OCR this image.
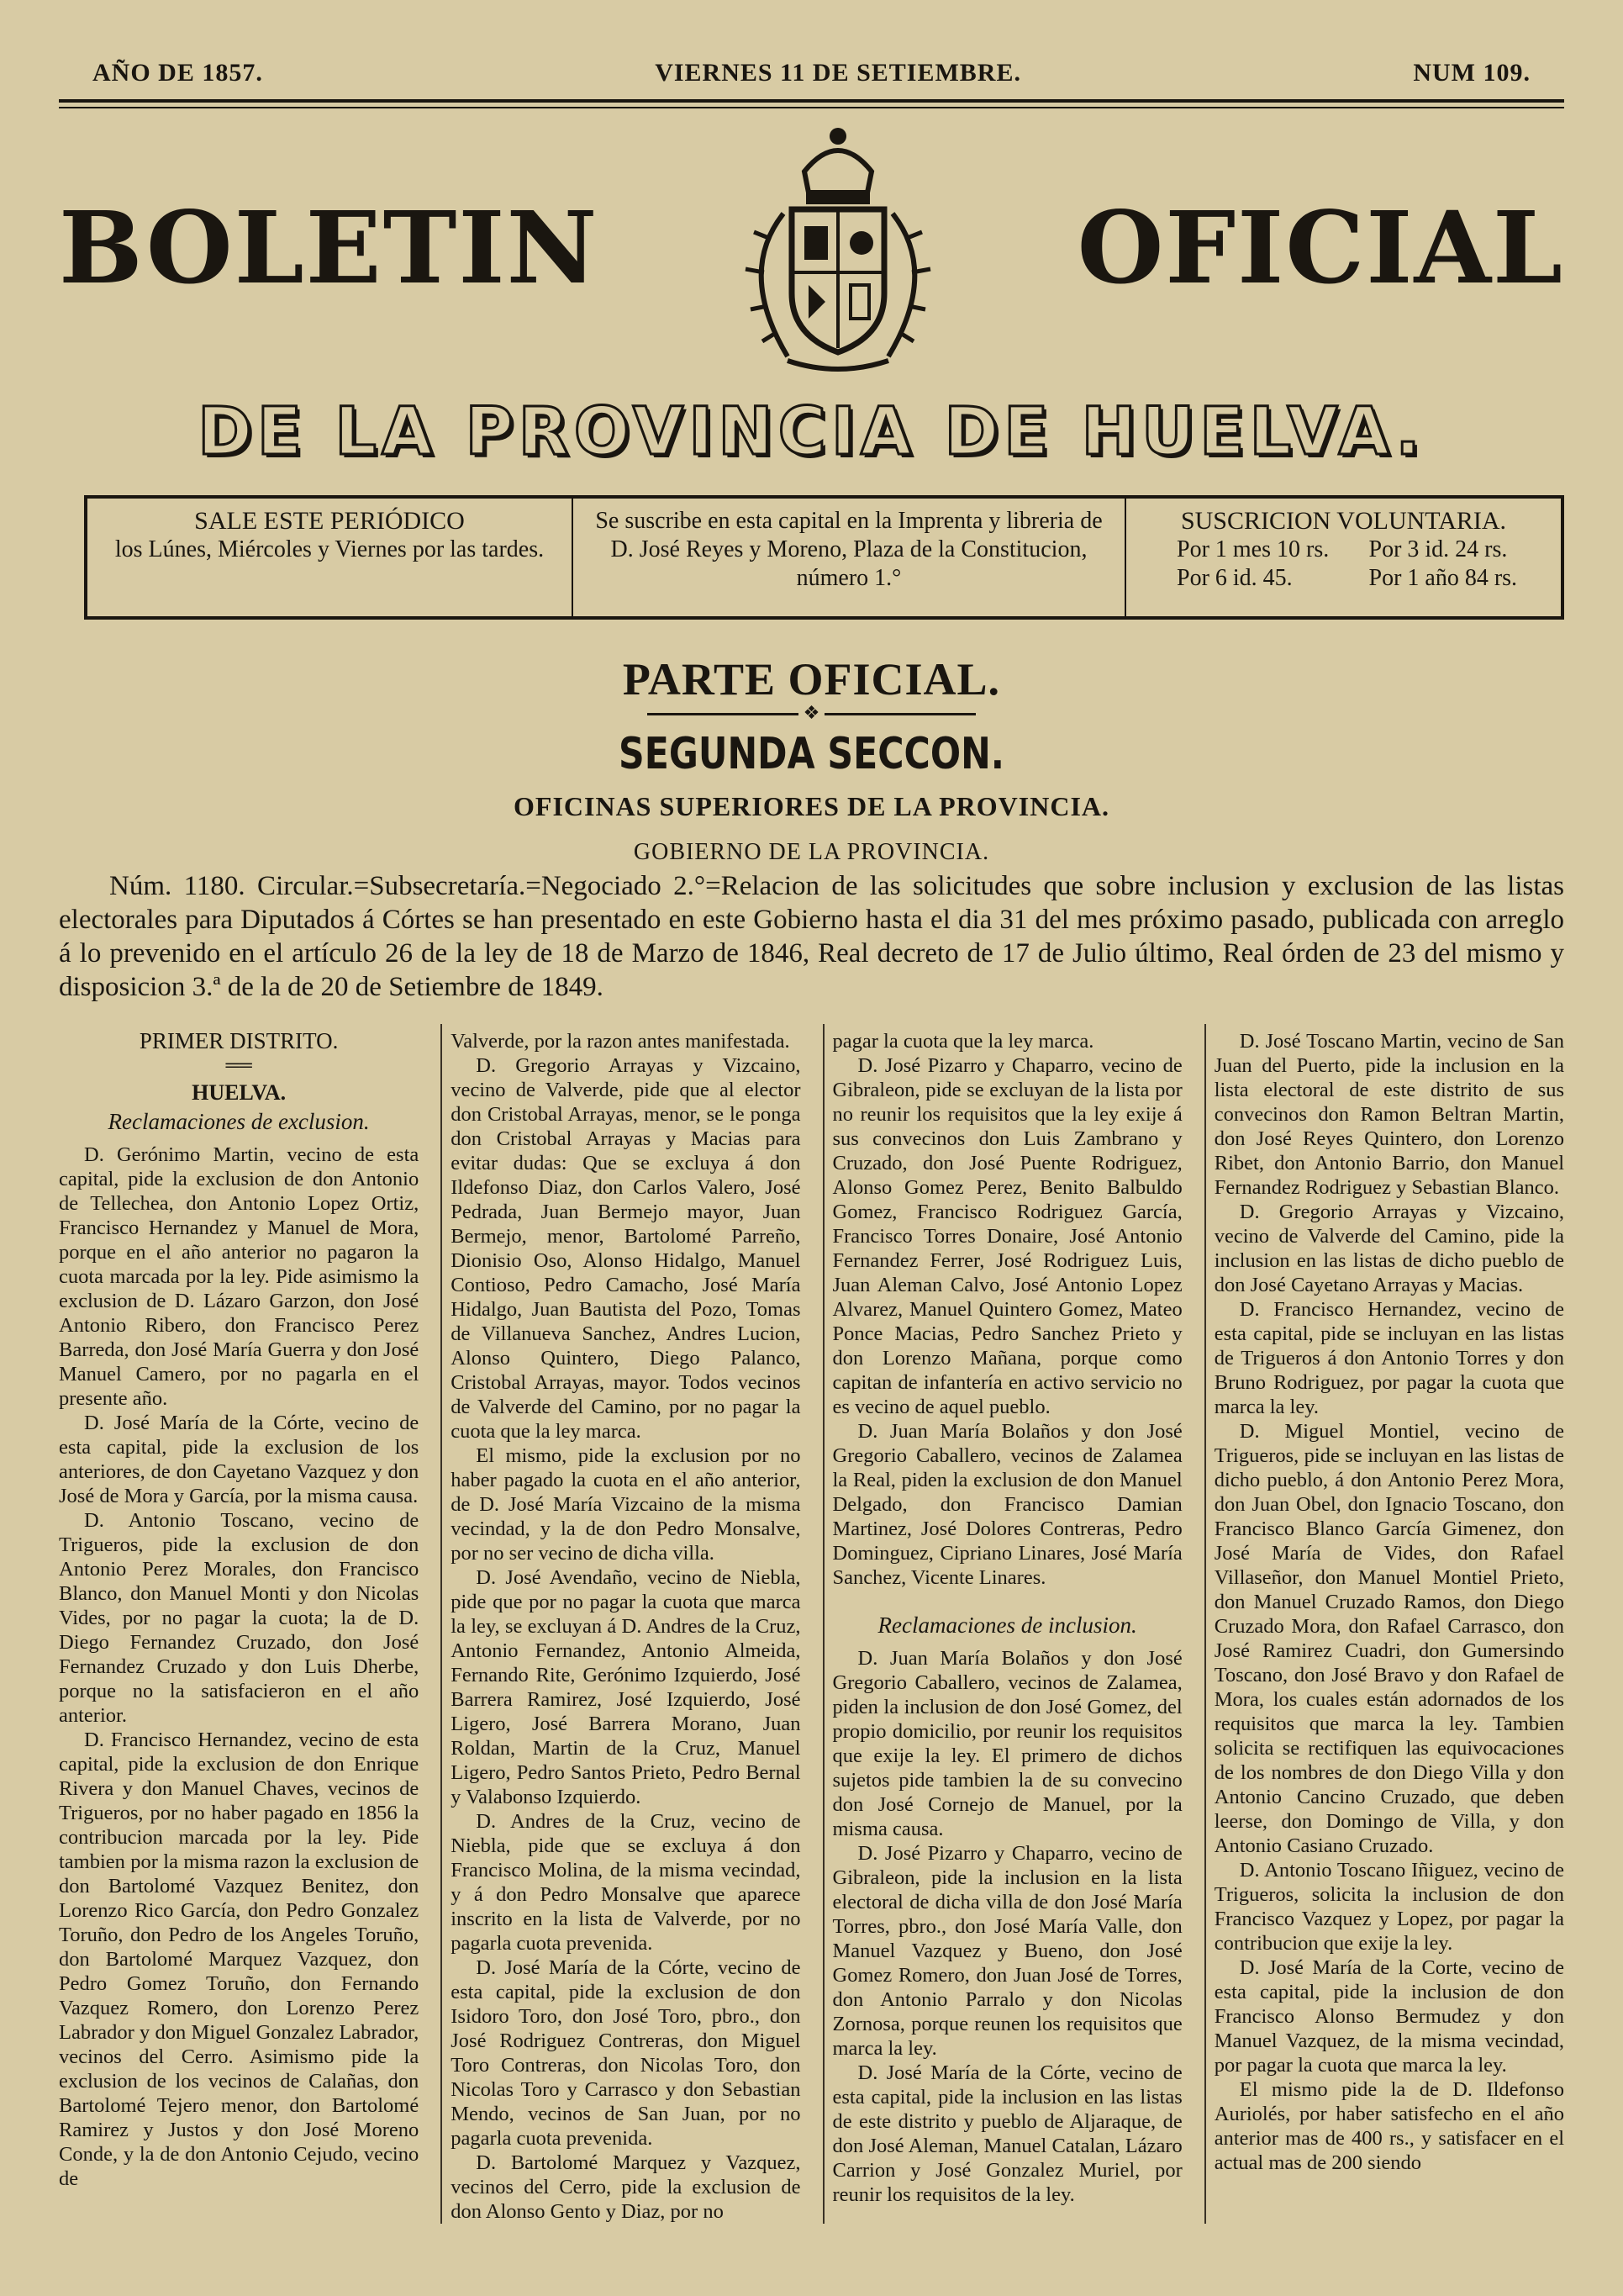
AÑO DE 1857.	VIERNES 11 DE SETIEMBRE.	NUM 109.
BOLETIN	OFICIAL
DE LA PROVINCIA DE HUELVA.
SALE ESTE PERIÓDICO
los Lúnes, Miércoles y Viernes por las tardes.
Se suscribe en esta capital en la Imprenta y libreria de D. José Reyes y Moreno, Plaza de la Constitucion, número 1.°
SUSCRICION VOLUNTARIA.
Por 1 mes 10 rs.	Por 3 id. 24 rs.
Por 6 id. 45.	Por 1 año 84 rs.
PARTE OFICIAL.
❖
SEGUNDA SECCON.
OFICINAS SUPERIORES DE LA PROVINCIA.
GOBIERNO DE LA PROVINCIA.
Núm. 1180. Circular.=Subsecretaría.=Negociado 2.°=Relacion de las solicitudes que sobre inclusion y exclusion de las listas electorales para Diputados á Córtes se han presentado en este Gobierno hasta el dia 31 del mes próximo pasado, publicada con arreglo á lo prevenido en el artículo 26 de la ley de 18 de Marzo de 1846, Real decreto de 17 de Julio último, Real órden de 23 del mismo y disposicion 3.ª de la de 20 de Setiembre de 1849.
PRIMER DISTRITO.
══
HUELVA.
Reclamaciones de exclusion.

D. Gerónimo Martin, vecino de esta capital, pide la exclusion de don Antonio de Tellechea, don Antonio Lopez Ortiz, Francisco Hernandez y Manuel de Mora, porque en el año anterior no pagaron la cuota marcada por la ley. Pide asimismo la exclusion de D. Lázaro Garzon, don José Antonio Ribero, don Francisco Perez Barreda, don José María Guerra y don José Manuel Camero, por no pagarla en el presente año.

D. José María de la Córte, vecino de esta capital, pide la exclusion de los anteriores, de don Cayetano Vazquez y don José de Mora y García, por la misma causa.

D. Antonio Toscano, vecino de Trigueros, pide la exclusion de don Antonio Perez Morales, don Francisco Blanco, don Manuel Monti y don Nicolas Vides, por no pagar la cuota; la de D. Diego Fernandez Cruzado, don José Fernandez Cruzado y don Luis Dherbe, porque no la satisfacieron en el año anterior.

D. Francisco Hernandez, vecino de esta capital, pide la exclusion de don Enrique Rivera y don Manuel Chaves, vecinos de Trigueros, por no haber pagado en 1856 la contribucion marcada por la ley. Pide tambien por la misma razon la exclusion de don Bartolomé Vazquez Benitez, don Lorenzo Rico García, don Pedro Gonzalez Toruño, don Pedro de los Angeles Toruño, don Bartolomé Marquez Vazquez, don Pedro Gomez Toruño, don Fernando Vazquez Romero, don Lorenzo Perez Labrador y don Miguel Gonzalez Labrador, vecinos del Cerro. Asimismo pide la exclusion de los vecinos de Calañas, don Bartolomé Tejero menor, don Bartolomé Ramirez y Justos y don José Moreno Conde, y la de don Antonio Cejudo, vecino de

Valverde, por la razon antes manifestada.

D. Gregorio Arrayas y Vizcaino, vecino de Valverde, pide que al elector don Cristobal Arrayas, menor, se le ponga don Cristobal Arrayas y Macias para evitar dudas: Que se excluya á don Ildefonso Diaz, don Carlos Valero, José Pedrada, Juan Bermejo mayor, Juan Bermejo, menor, Bartolomé Parreño, Dionisio Oso, Alonso Hidalgo, Manuel Contioso, Pedro Camacho, José María Hidalgo, Juan Bautista del Pozo, Tomas de Villanueva Sanchez, Andres Lucion, Alonso Quintero, Diego Palanco, Cristobal Arrayas, mayor. Todos vecinos de Valverde del Camino, por no pagar la cuota que la ley marca.

El mismo, pide la exclusion por no haber pagado la cuota en el año anterior, de D. José María Vizcaino de la misma vecindad, y la de don Pedro Monsalve, por no ser vecino de dicha villa.

D. José Avendaño, vecino de Niebla, pide que por no pagar la cuota que marca la ley, se excluyan á D. Andres de la Cruz, Antonio Fernandez, Antonio Almeida, Fernando Rite, Gerónimo Izquierdo, José Barrera Ramirez, José Izquierdo, José Ligero, José Barrera Morano, Juan Roldan, Martin de la Cruz, Manuel Ligero, Pedro Santos Prieto, Pedro Bernal y Valabonso Izquierdo.

D. Andres de la Cruz, vecino de Niebla, pide que se excluya á don Francisco Molina, de la misma vecindad, y á don Pedro Monsalve que aparece inscrito en la lista de Valverde, por no pagarla cuota prevenida.

D. José María de la Córte, vecino de esta capital, pide la exclusion de don Isidoro Toro, don José Toro, pbro., don José Rodriguez Contreras, don Miguel Toro Contreras, don Nicolas Toro, don Nicolas Toro y Carrasco y don Sebastian Mendo, vecinos de San Juan, por no pagarla cuota prevenida.

D. Bartolomé Marquez y Vazquez, vecinos del Cerro, pide la exclusion de don Alonso Gento y Diaz, por no

pagar la cuota que la ley marca.

D. José Pizarro y Chaparro, vecino de Gibraleon, pide se excluyan de la lista por no reunir los requisitos que la ley exije á sus convecinos don Luis Zambrano y Cruzado, don José Puente Rodriguez, Alonso Gomez Perez, Benito Balbuldo Gomez, Francisco Rodriguez García, Francisco Torres Donaire, José Antonio Fernandez Ferrer, José Rodriguez Luis, Juan Aleman Calvo, José Antonio Lopez Alvarez, Manuel Quintero Gomez, Mateo Ponce Macias, Pedro Sanchez Prieto y don Lorenzo Mañana, porque como capitan de infantería en activo servicio no es vecino de aquel pueblo.

D. Juan María Bolaños y don José Gregorio Caballero, vecinos de Zalamea la Real, piden la exclusion de don Manuel Delgado, don Francisco Damian Martinez, José Dolores Contreras, Pedro Dominguez, Cipriano Linares, José María Sanchez, Vicente Linares.

Reclamaciones de inclusion.

D. Juan María Bolaños y don José Gregorio Caballero, vecinos de Zalamea, piden la inclusion de don José Gomez, del propio domicilio, por reunir los requisitos que exije la ley. El primero de dichos sujetos pide tambien la de su convecino don José Cornejo de Manuel, por la misma causa.

D. José Pizarro y Chaparro, vecino de Gibraleon, pide la inclusion en la lista electoral de dicha villa de don José María Torres, pbro., don José María Valle, don Manuel Vazquez y Bueno, don José Gomez Romero, don Juan José de Torres, don Antonio Parralo y don Nicolas Zornosa, porque reunen los requisitos que marca la ley.

D. José María de la Córte, vecino de esta capital, pide la inclusion en las listas de este distrito y pueblo de Aljaraque, de don José Aleman, Manuel Catalan, Lázaro Carrion y José Gonzalez Muriel, por reunir los requisitos de la ley.

D. José Toscano Martin, vecino de San Juan del Puerto, pide la inclusion en la lista electoral de este distrito de sus convecinos don Ramon Beltran Martin, don José Reyes Quintero, don Lorenzo Ribet, don Antonio Barrio, don Manuel Fernandez Rodriguez y Sebastian Blanco.

D. Gregorio Arrayas y Vizcaino, vecino de Valverde del Camino, pide la inclusion en las listas de dicho pueblo de don José Cayetano Arrayas y Macias.

D. Francisco Hernandez, vecino de esta capital, pide se incluyan en las listas de Trigueros á don Antonio Torres y don Bruno Rodriguez, por pagar la cuota que marca la ley.

D. Miguel Montiel, vecino de Trigueros, pide se incluyan en las listas de dicho pueblo, á don Antonio Perez Mora, don Juan Obel, don Ignacio Toscano, don Francisco Blanco García Gimenez, don José María de Vides, don Rafael Villaseñor, don Manuel Montiel Prieto, don Manuel Cruzado Ramos, don Diego Cruzado Mora, don Rafael Carrasco, don José Ramirez Cuadri, don Gumersindo Toscano, don José Bravo y don Rafael de Mora, los cuales están adornados de los requisitos que marca la ley. Tambien solicita se rectifiquen las equivocaciones de los nombres de don Diego Villa y don Antonio Cancino Cruzado, que deben leerse, don Domingo de Villa, y don Antonio Casiano Cruzado.

D. Antonio Toscano Iñiguez, vecino de Trigueros, solicita la inclusion de don Francisco Vazquez y Lopez, por pagar la contribucion que exije la ley.

D. José María de la Corte, vecino de esta capital, pide la inclusion de don Francisco Alonso Bermudez y don Manuel Vazquez, de la misma vecindad, por pagar la cuota que marca la ley.

El mismo pide la de D. Ildefonso Auriolés, por haber satisfecho en el año anterior mas de 400 rs., y satisfacer en el actual mas de 200 siendo
